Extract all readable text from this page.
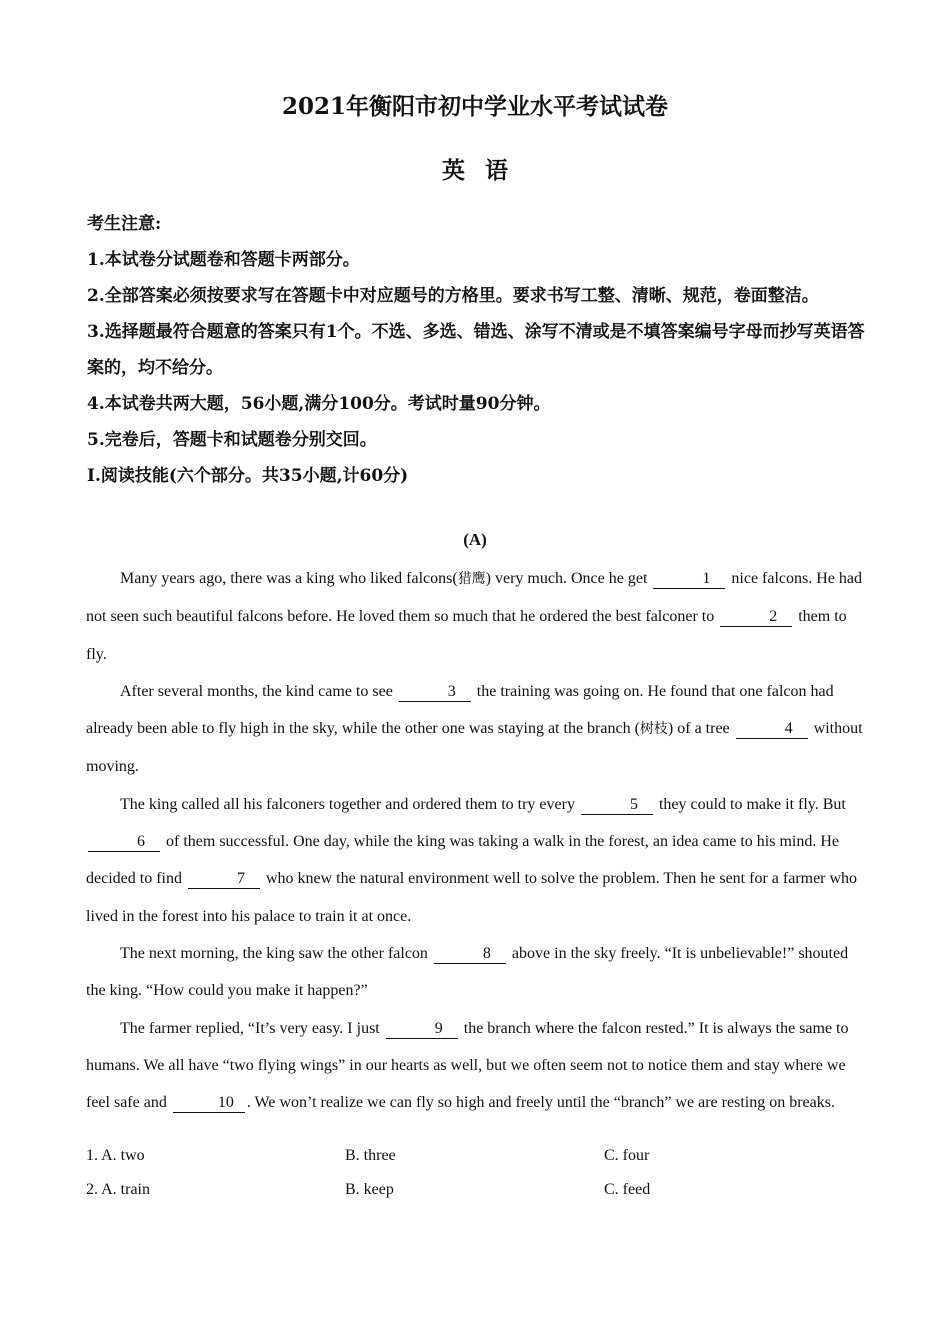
2021年衡阳市初中学业水平考试试卷
英语

考生注意:

1.本试卷分试题卷和答题卡两部分。

2.全部答案必须按要求写在答题卡中对应题号的方格里。要求书写工整、清晰、规范，卷面整洁。

3.选择题最符合题意的答案只有1个。不选、多选、错选、涂写不清或是不填答案编号字母而抄写英语答案的，均不给分。

4.本试卷共两大题，56小题,满分100分。考试时量90分钟。

5.完卷后，答题卡和试题卷分别交回。

I.阅读技能(六个部分。共35小题,计60分)

(A)

Many years ago, there was a king who liked falcons(猎鹰) very much. Once he get	1 nice falcons. He had not seen such beautiful falcons before. He loved them so much that he ordered the best falconer to	2 them to fly.

After several months, the kind came to see	3 the training was going on. He found that one falcon had already been able to fly high in the sky, while the other one was staying at the branch (树枝) of a tree	4 without moving.

The king called all his falconers together and ordered them to try every	5 they could to make it fly. But 6 of them successful. One day, while the king was taking a walk in the forest, an idea came to his mind. He decided to find	7 who knew the natural environment well to solve the problem. Then he sent for a farmer who lived in the forest into his palace to train it at once.

The next morning, the king saw the other falcon	8 above in the sky freely. “It is unbelievable!” shouted the king. “How could you make it happen?”

The farmer replied, “It’s very easy. I just	9 the branch where the falcon rested.” It is always the same to humans. We all have “two flying wings” in our hearts as well, but we often seem not to notice them and stay where we feel safe and	10 . We won’t realize we can fly so high and freely until the “branch” we are resting on breaks.

1. A. two	B. three	C. four
2. A. train	B. keep	C. feed
